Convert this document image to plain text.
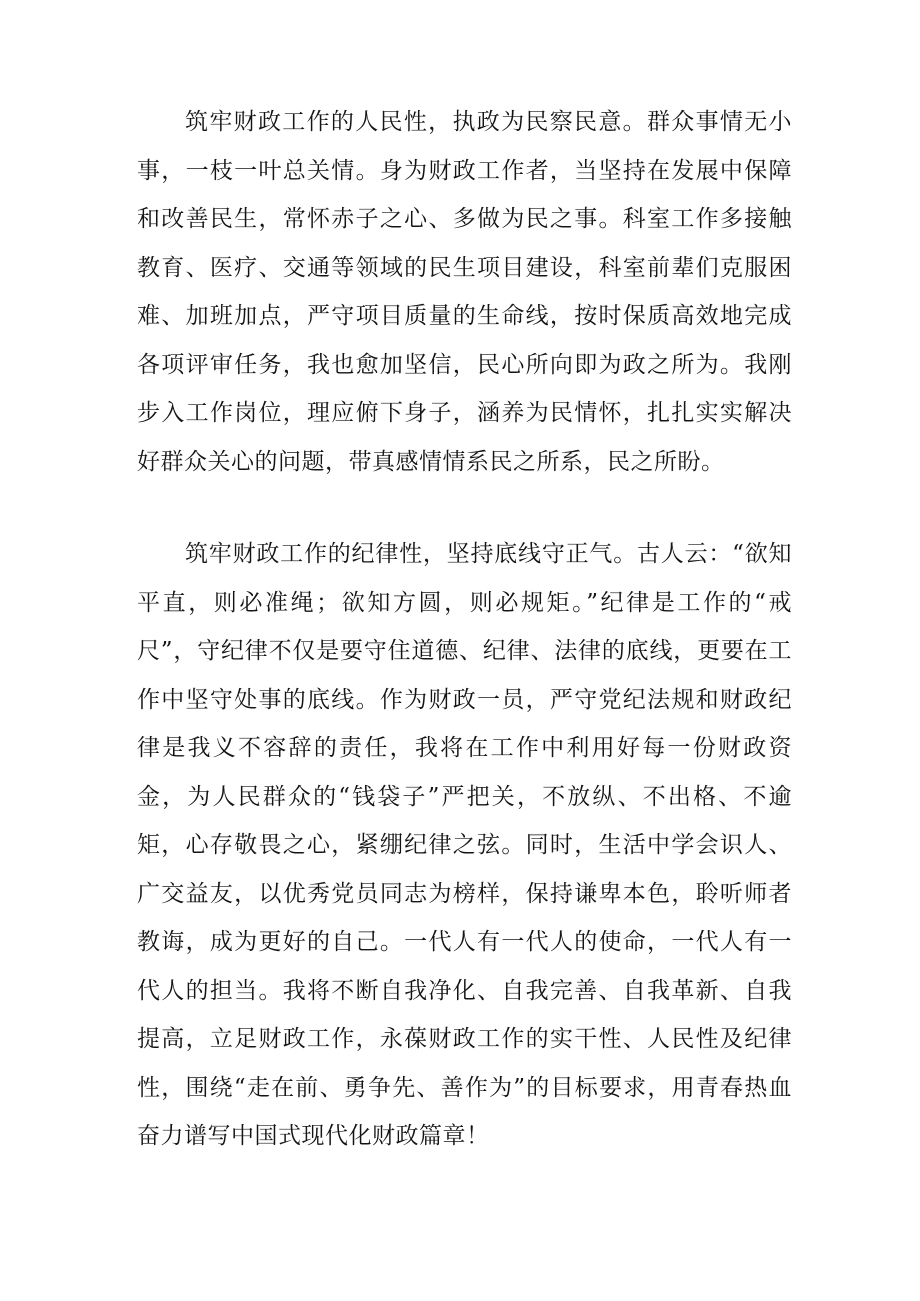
筑牢财政工作的人民性，执政为民察民意。群众事情无小事，一枝一叶总关情。身为财政工作者，当坚持在发展中保障和改善民生，常怀赤子之心、多做为民之事。科室工作多接触教育、医疗、交通等领域的民生项目建设，科室前辈们克服困难、加班加点，严守项目质量的生命线，按时保质高效地完成各项评审任务，我也愈加坚信，民心所向即为政之所为。我刚步入工作岗位，理应俯下身子，涵养为民情怀，扎扎实实解决好群众关心的问题，带真感情情系民之所系，民之所盼。

筑牢财政工作的纪律性，坚持底线守正气。古人云：“欲知平直，则必准绳；欲知方圆，则必规矩。”纪律是工作的“戒尺”，守纪律不仅是要守住道德、纪律、法律的底线，更要在工作中坚守处事的底线。作为财政一员，严守党纪法规和财政纪律是我义不容辞的责任，我将在工作中利用好每一份财政资金，为人民群众的“钱袋子”严把关，不放纵、不出格、不逾矩，心存敬畏之心，紧绷纪律之弦。同时，生活中学会识人、广交益友，以优秀党员同志为榜样，保持谦卑本色，聆听师者教诲，成为更好的自己。一代人有一代人的使命，一代人有一代人的担当。我将不断自我净化、自我完善、自我革新、自我提高，立足财政工作，永葆财政工作的实干性、人民性及纪律性，围绕“走在前、勇争先、善作为”的目标要求，用青春热血奋力谱写中国式现代化财政篇章！
